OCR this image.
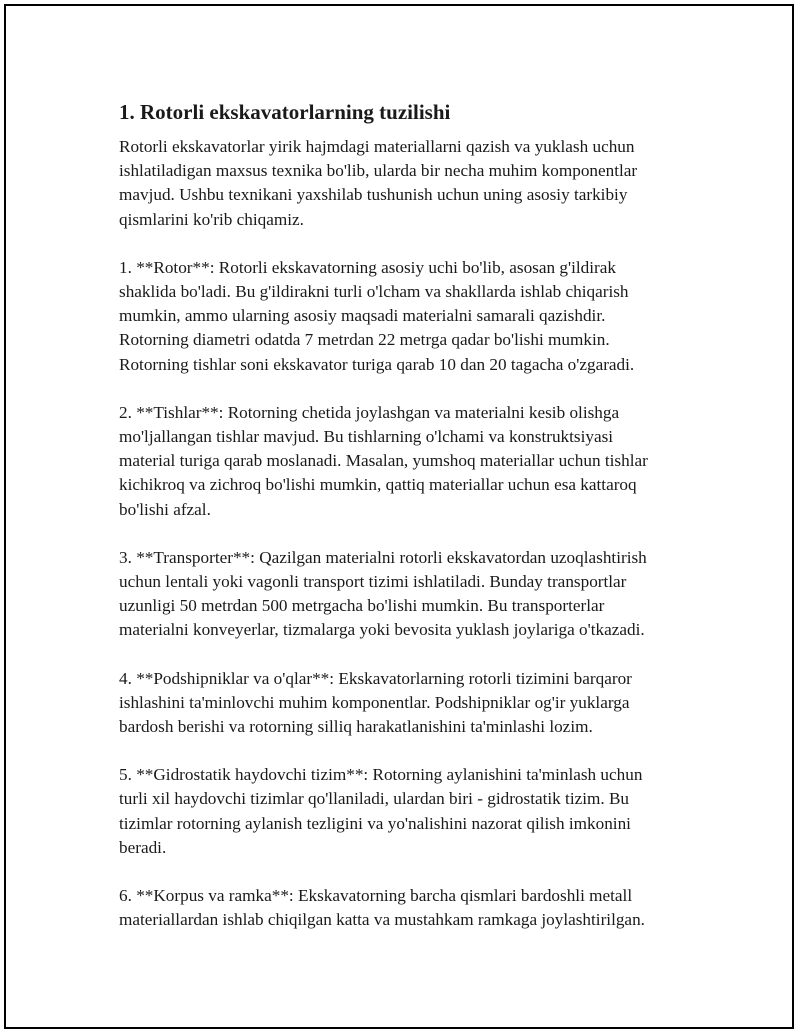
1. Rotorli ekskavatorlarning tuzilishi

Rotorli ekskavatorlar yirik hajmdagi materiallarni qazish va yuklash uchun
ishlatiladigan maxsus texnika bo'lib, ularda bir necha muhim komponentlar
mavjud. Ushbu texnikani yaxshilab tushunish uchun uning asosiy tarkibiy
qismlarini ko'rib chiqamiz.

1. **Rotor**: Rotorli ekskavatorning asosiy uchi bo'lib, asosan g'ildirak
shaklida bo'ladi. Bu g'ildirakni turli o'lcham va shakllarda ishlab chiqarish
mumkin, ammo ularning asosiy maqsadi materialni samarali qazishdir.
Rotorning diametri odatda 7 metrdan 22 metrga qadar bo'lishi mumkin.
Rotorning tishlar soni ekskavator turiga qarab 10 dan 20 tagacha o'zgaradi.

2. **Tishlar**: Rotorning chetida joylashgan va materialni kesib olishga
mo'ljallangan tishlar mavjud. Bu tishlarning o'lchami va konstruktsiyasi
material turiga qarab moslanadi. Masalan, yumshoq materiallar uchun tishlar
kichikroq va zichroq bo'lishi mumkin, qattiq materiallar uchun esa kattaroq
bo'lishi afzal.

3. **Transporter**: Qazilgan materialni rotorli ekskavatordan uzoqlashtirish
uchun lentali yoki vagonli transport tizimi ishlatiladi. Bunday transportlar
uzunligi 50 metrdan 500 metrgacha bo'lishi mumkin. Bu transporterlar
materialni konveyerlar, tizmalarga yoki bevosita yuklash joylariga o'tkazadi.

4. **Podshipniklar va o'qlar**: Ekskavatorlarning rotorli tizimini barqaror
ishlashini ta'minlovchi muhim komponentlar. Podshipniklar og'ir yuklarga
bardosh berishi va rotorning silliq harakatlanishini ta'minlashi lozim.

5. **Gidrostatik haydovchi tizim**: Rotorning aylanishini ta'minlash uchun
turli xil haydovchi tizimlar qo'llaniladi, ulardan biri - gidrostatik tizim. Bu
tizimlar rotorning aylanish tezligini va yo'nalishini nazorat qilish imkonini
beradi.

6. **Korpus va ramka**: Ekskavatorning barcha qismlari bardoshli metall
materiallardan ishlab chiqilgan katta va mustahkam ramkaga joylashtirilgan.
